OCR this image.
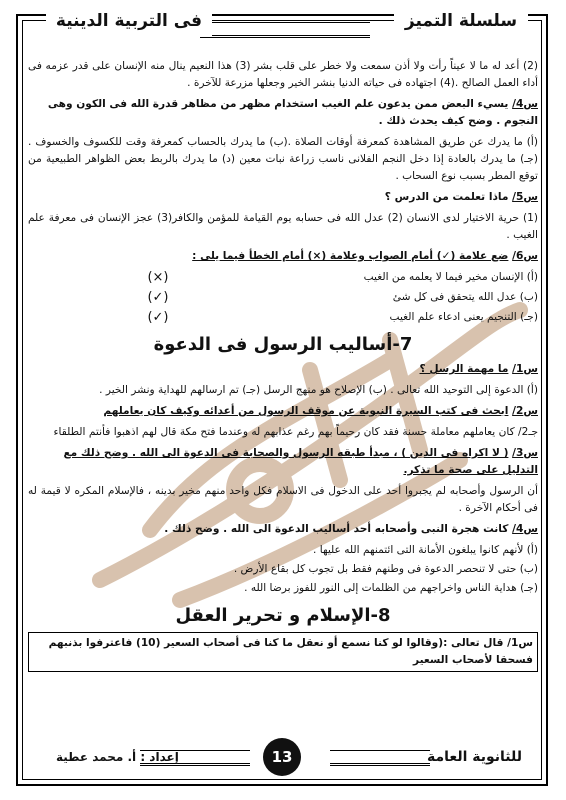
سلسلة التميز
فى التربية الدينية

(2) أعد له ما لا عيناً رأت ولا أذن سمعت ولا خطر على قلب بشر (3) هذا النعيم ينال منه الإنسان على قدر عزمه فى أداء العمل الصالح .(4) اجتهاده فى حياته الدنيا بنشر الخير وجعلها مزرعة للآخرة .

س4/ يسيء البعض ممن يدعون علم الغيب استخدام مظهر من مظاهر قدرة الله فى الكون وهى النجوم . وضح كيف يحدث ذلك .

(أ) ما يدرك عن طريق المشاهدة كمعرفة أوقات الصلاة .(ب) ما يدرك بالحساب كمعرفة وقت للكسوف والخسوف .(جـ) ما يدرك بالعادة إذا دخل النجم الفلانى ناسب زراعة نبات معين (د) ما يدرك بالربط بعض الظواهر الطبيعية من توقع المطر بسبب نوع السحاب .

س5/ ماذا تعلمت من الدرس ؟

(1) حرية الاختيار لدى الانسان (2) عدل الله فى حسابه يوم القيامة للمؤمن والكافر(3) عجز الإنسان فى معرفة علم الغيب .

س6/ ضع علامة (✓) أمام الصواب وعلامة (×) أمام الخطأ فيما يلى :
(أ) الإنسان مخير فيما لا يعلمه من الغيب
(×)
(ب) عدل الله يتحقق فى كل شئ
(✓)
(جـ) التنجيم يعنى ادعاء علم الغيب
(✓)
7-أساليب الرسول فى الدعوة
س1/ ما مهمة الرسل ؟

(أ) الدعوة إلى التوحيد الله تعالى . (ب) الإصلاح هو منهج الرسل (جـ) تم ارسالهم للهداية ونشر الخير .

س2/ ابحث فى كتب السيرة النبوية عن موقف الرسول من أعدائه وكيف كان يعاملهم

جـ2/ كان يعاملهم معاملة حسنة فقد كان رحيماً بهم رغم عذابهم له وعندما فتح مكة قال لهم اذهبوا فأنتم الطلقاء

س3/ ( لا اكراه فى الدين ) ، مبدأ طبقه الرسول والصحابة فى الدعوة الى الله . وضح ذلك مع التدليل على صحة ما تذكر.

أن الرسول وأصحابه لم يجبروا أحد على الدخول فى الاسلام فكل واحد منهم مخير بدينه ، فالإسلام المكره لا قيمة له فى أحكام الآخرة .

س4/ كانت هجرة النبى وأصحابه أحد أساليب الدعوة الى الله . وضح ذلك .

(أ) لأنهم كانوا يبلغون الأمانة التى ائتمنهم الله عليها .

(ب) حتى لا تنحصر الدعوة فى وطنهم فقط بل تجوب كل بقاع الأرض .

(جـ) هداية الناس واخراجهم من الظلمات إلى النور للفوز برضا الله .

8-الإسلام و تحرير العقل
س1/ قال تعالى :(وقالوا لو كنا نسمع أو نعقل ما كنا فى أصحاب السعير (10) فاعترفوا بذنبهم فسحقا لأصحاب السعير
للثانوية العامة
13
إعداد : أ. محمد عطية
